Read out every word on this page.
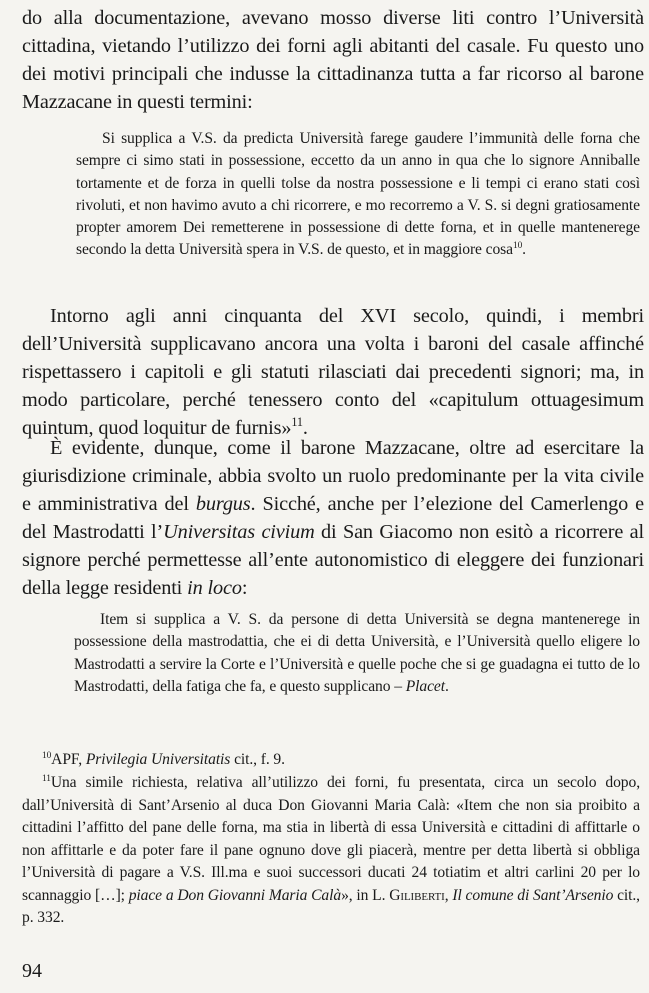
do alla documentazione, avevano mosso diverse liti contro l’Università cittadina, vietando l’utilizzo dei forni agli abitanti del casale. Fu questo uno dei motivi principali che indusse la cittadinanza tutta a far ricorso al barone Mazzacane in questi termini:

Si supplica a V.S. da predicta Università farege gaudere l’immunità delle forna che sempre ci simo stati in possessione, eccetto da un anno in qua che lo signore Anniballe tortamente et de forza in quelli tolse da nostra possessione e li tempi ci erano stati così rivoluti, et non havimo avuto a chi ricorrere, e mo recorremo a V. S. si degni gratiosamente propter amorem Dei remetterene in possessione di dette forna, et in quelle mantenerege secondo la detta Università spera in V.S. de questo, et in maggiore cosa$^{10}$.

Intorno agli anni cinquanta del XVI secolo, quindi, i membri dell’Università supplicavano ancora una volta i baroni del casale affinché rispettassero i capitoli e gli statuti rilasciati dai precedenti signori; ma, in modo particolare, perché tenessero conto del «capitulum ottuagesimum quintum, quod loquitur de furnis»$^{11}$.

È evidente, dunque, come il barone Mazzacane, oltre ad esercitare la giurisdizione criminale, abbia svolto un ruolo predominante per la vita civile e amministrativa del burgus. Sicché, anche per l’elezione del Camerlengo e del Mastrodatti l’Universitas civium di San Giacomo non esitò a ricorrere al signore perché permettesse all’ente autonomistico di eleggere dei funzionari della legge residenti in loco:

Item si supplica a V. S. da persone di detta Università se degna mantenerege in possessione della mastrodattia, che ei di detta Università, e l’Università quello eligere lo Mastrodatti a servire la Corte e l’Università e quelle poche che si ge guadagna ei tutto de lo Mastrodatti, della fatiga che fa, e questo supplicano – Placet.

$^{10}$APF, Privilegia Universitatis cit., f. 9.

$^{11}$Una simile richiesta, relativa all’utilizzo dei forni, fu presentata, circa un secolo dopo, dall’Università di Sant’Arsenio al duca Don Giovanni Maria Calà: «Item che non sia proibito a cittadini l’affitto del pane delle forna, ma stia in libertà di essa Università e cittadini di affittarle o non affittarle e da poter fare il pane ognuno dove gli piacerà, mentre per detta libertà si obbliga l’Università di pagare a V.S. Ill.ma e suoi successori ducati 24 totiatim et altri carlini 20 per lo scannaggio […]; piace a Don Giovanni Maria Calà», in L. Giliberti, Il comune di Sant’Arsenio cit., p. 332.

94
